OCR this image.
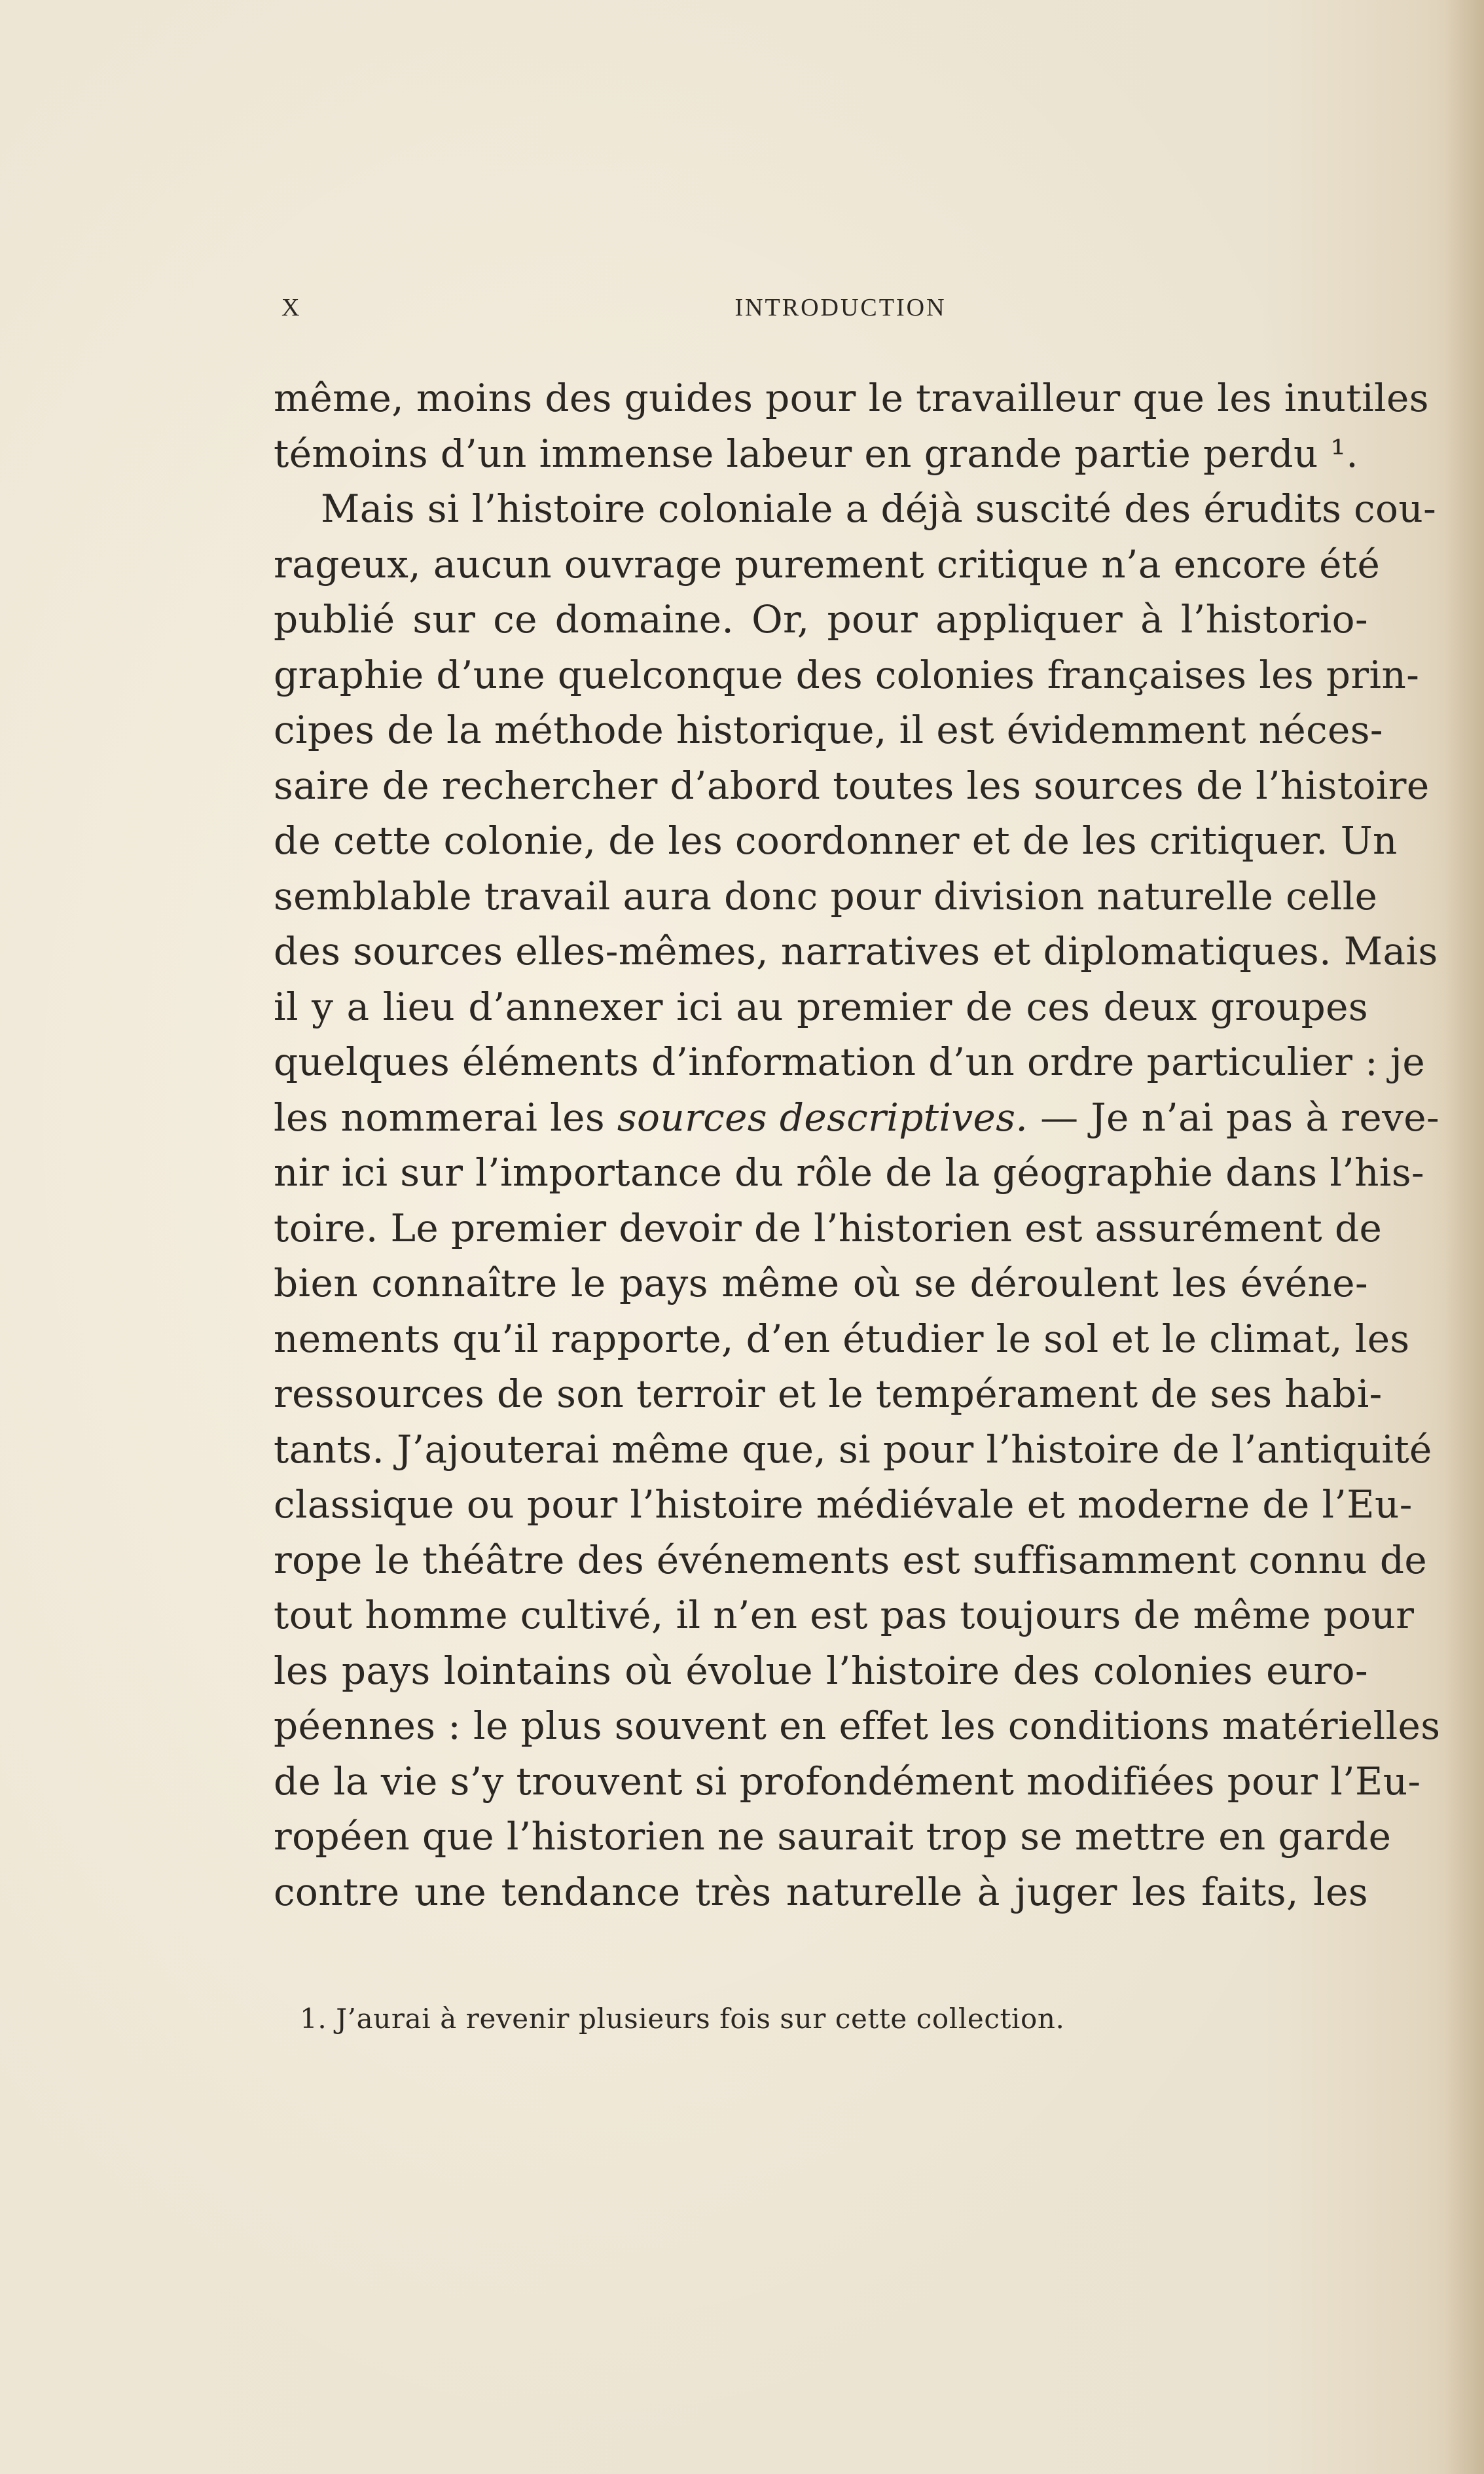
X	INTRODUCTION
même, moins des guides pour le travailleur que les inutiles
témoins d’un immense labeur en grande partie perdu ¹.
Mais si l’histoire coloniale a déjà suscité des érudits cou-
rageux, aucun ouvrage purement critique n’a encore été
publié sur ce domaine. Or, pour appliquer à l’historio-
graphie d’une quelconque des colonies françaises les prin-
cipes de la méthode historique, il est évidemment néces-
saire de rechercher d’abord toutes les sources de l’histoire
de cette colonie, de les coordonner et de les critiquer. Un
semblable travail aura donc pour division naturelle celle
des sources elles-mêmes, narratives et diplomatiques. Mais
il y a lieu d’annexer ici au premier de ces deux groupes
quelques éléments d’information d’un ordre particulier : je
les nommerai les sources descriptives. — Je n’ai pas à reve-
nir ici sur l’importance du rôle de la géographie dans l’his-
toire. Le premier devoir de l’historien est assurément de
bien connaître le pays même où se déroulent les événe-
nements qu’il rapporte, d’en étudier le sol et le climat, les
ressources de son terroir et le tempérament de ses habi-
tants. J’ajouterai même que, si pour l’histoire de l’antiquité
classique ou pour l’histoire médiévale et moderne de l’Eu-
rope le théâtre des événements est suffisamment connu de
tout homme cultivé, il n’en est pas toujours de même pour
les pays lointains où évolue l’histoire des colonies euro-
péennes : le plus souvent en effet les conditions matérielles
de la vie s’y trouvent si profondément modifiées pour l’Eu-
ropéen que l’historien ne saurait trop se mettre en garde
contre une tendance très naturelle à juger les faits, les
1. J’aurai à revenir plusieurs fois sur cette collection.
